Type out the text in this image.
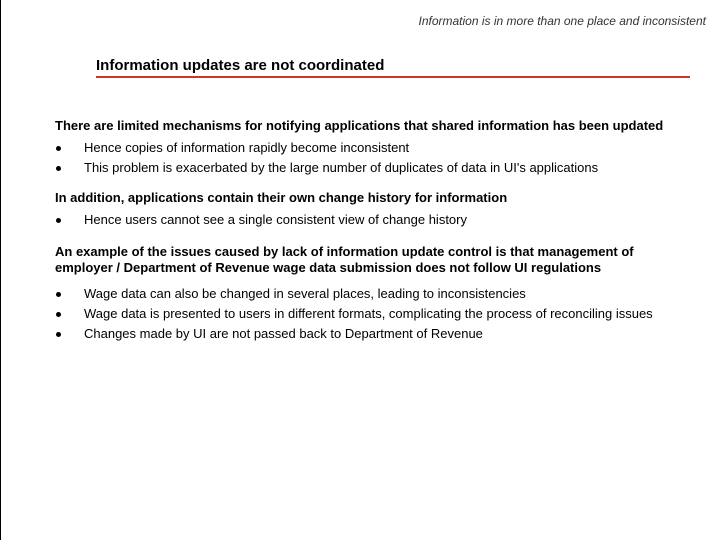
Information is in more than one place and inconsistent
Information updates are not coordinated

There are limited mechanisms for notifying applications that shared information has been updated

Hence copies of information rapidly become inconsistent
This problem is exacerbated by the large number of duplicates of data in UI's applications

In addition, applications contain their own change history for information

Hence users cannot see a single consistent view of change history

An example of the issues caused by lack of information update control is that management of employer / Department of Revenue wage data submission does not follow UI regulations

Wage data can also be changed in several places, leading to inconsistencies
Wage data is presented to users in different formats, complicating the process of reconciling issues
Changes made by UI are not passed back to Department of Revenue
